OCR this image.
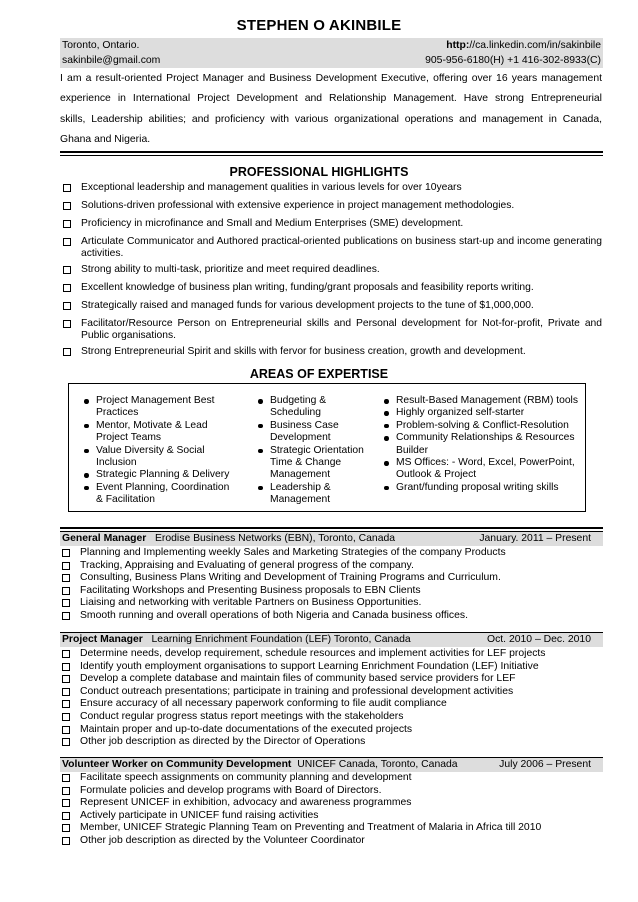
STEPHEN O AKINBILE
Toronto, Ontario.	http://ca.linkedin.com/in/sakinbile
sakinbile@gmail.com	905-956-6180(H) +1 416-302-8933(C)
I am a result-oriented Project Manager and Business Development Executive, offering over 16 years management
experience in International Project Development and Relationship Management. Have strong Entrepreneurial
skills, Leadership abilities; and proficiency with various organizational operations and management in Canada,
Ghana and Nigeria.
PROFESSIONAL HIGHLIGHTS
Exceptional leadership and management qualities in various levels for over 10years
Solutions-driven professional with extensive experience in project management methodologies.
Proficiency in microfinance and Small and Medium Enterprises (SME) development.
Articulate Communicator and Authored practical-oriented publications on business start-up and income generating activities.
Strong ability to multi-task, prioritize and meet required deadlines.
Excellent knowledge of business plan writing, funding/grant proposals and feasibility reports writing.
Strategically raised and managed funds for various development projects to the tune of $1,000,000.
Facilitator/Resource Person on Entrepreneurial skills and Personal development for Not-for-profit, Private and Public organisations.
Strong Entrepreneurial Spirit and skills with fervor for business creation, growth and development.
AREAS OF EXPERTISE
Project Management Best Practices
Mentor, Motivate & Lead Project Teams
Value Diversity & Social Inclusion
Strategic Planning & Delivery
Event Planning, Coordination & Facilitation
Budgeting & Scheduling
Business Case Development
Strategic Orientation Time & Change Management
Leadership & Management
Result-Based Management (RBM) tools
Highly organized self-starter
Problem-solving & Conflict-Resolution
Community Relationships & Resources Builder
MS Offices: - Word, Excel, PowerPoint, Outlook & Project
Grant/funding proposal writing skills
General Manager Erodise Business Networks (EBN), Toronto, Canada	January. 2011 – Present
Planning and Implementing weekly Sales and Marketing Strategies of the company Products
Tracking, Appraising and Evaluating of general progress of the company.
Consulting, Business Plans Writing and Development of Training Programs and Curriculum.
Facilitating Workshops and Presenting Business proposals to EBN Clients
Liaising and networking with veritable Partners on Business Opportunities.
Smooth running and overall operations of both Nigeria and Canada business offices.
Project Manager Learning Enrichment Foundation (LEF) Toronto, Canada	Oct. 2010 – Dec. 2010
Determine needs, develop requirement, schedule resources and implement activities for LEF projects
Identify youth employment organisations to support Learning Enrichment Foundation (LEF) Initiative
Develop a complete database and maintain files of community based service providers for LEF
Conduct outreach presentations; participate in training and professional development activities
Ensure accuracy of all necessary paperwork conforming to file audit compliance
Conduct regular progress status report meetings with the stakeholders
Maintain proper and up-to-date documentations of the executed projects
Other job description as directed by the Director of Operations
Volunteer Worker on Community Development UNICEF Canada, Toronto, Canada	July 2006 – Present
Facilitate speech assignments on community planning and development
Formulate policies and develop programs with Board of Directors.
Represent UNICEF in exhibition, advocacy and awareness programmes
Actively participate in UNICEF fund raising activities
Member, UNICEF Strategic Planning Team on Preventing and Treatment of Malaria in Africa till 2010
Other job description as directed by the Volunteer Coordinator
